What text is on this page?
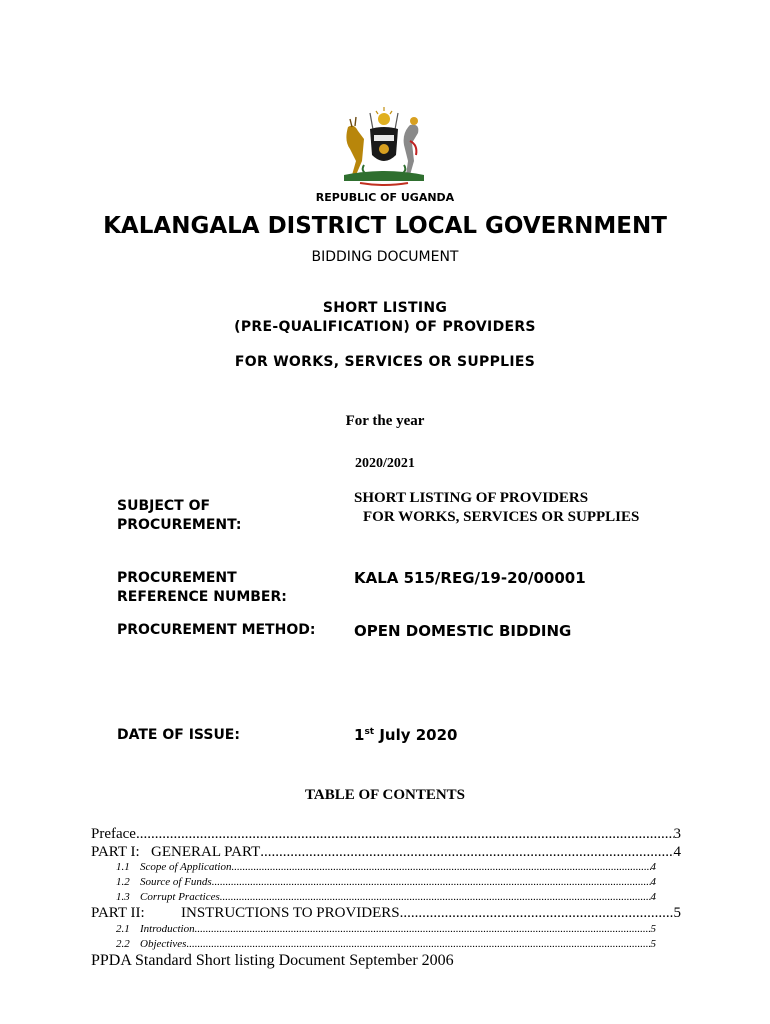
REPUBLIC OF UGANDA
KALANGALA DISTRICT LOCAL GOVERNMENT
BIDDING DOCUMENT
SHORT LISTING
(PRE-QUALIFICATION) OF PROVIDERS
FOR WORKS, SERVICES OR SUPPLIES
For the year
2020/2021
SUBJECT OF
PROCUREMENT:
SHORT LISTING OF PROVIDERS
FOR WORKS, SERVICES OR SUPPLIES
PROCUREMENT
REFERENCE NUMBER:
KALA 515/REG/19-20/00001
PROCUREMENT METHOD:	OPEN DOMESTIC BIDDING
DATE OF ISSUE:	1st July 2020
TABLE OF CONTENTS
Preface .....	3
PART I: GENERAL PART .....	4
1.1 Scope of Application .....	4
1.2 Source of Funds .....	4
1.3 Corrupt Practices .....	4
PART II:	INSTRUCTIONS TO PROVIDERS .....	5
2.1 Introduction .....	5
2.2 Objectives .....	5
PPDA Standard Short listing Document September 2006
